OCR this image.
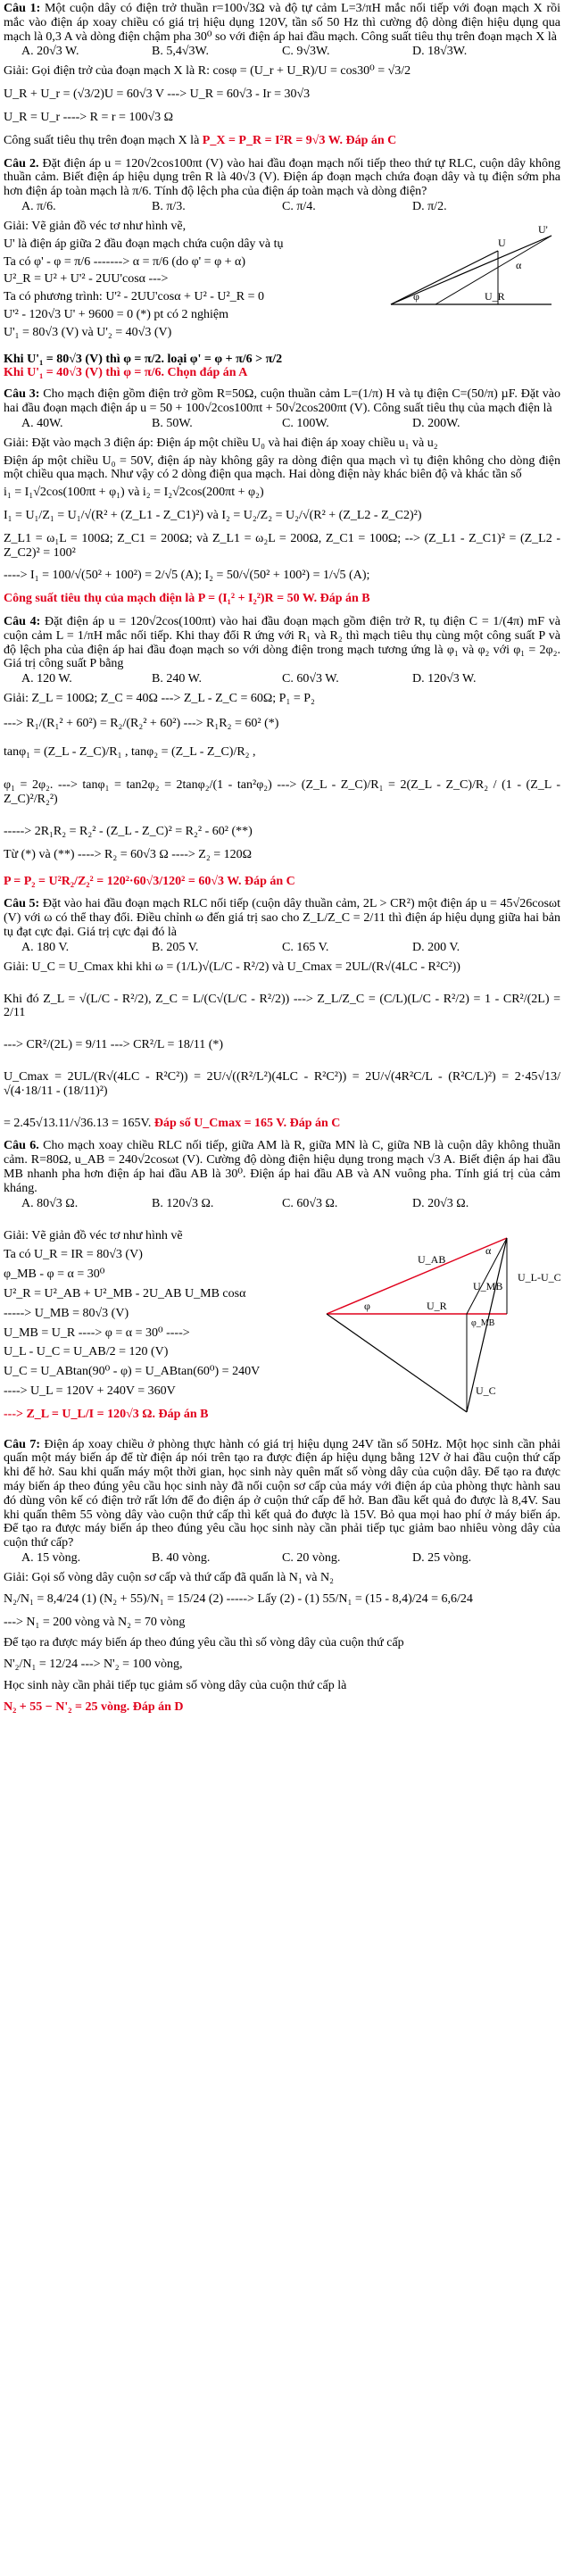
Câu 1: Một cuộn dây có điện trở thuần r=100√3Ω và độ tự cảm L=3/πH mắc nối tiếp với đoạn mạch X rồi mắc vào điện áp xoay chiều có giá trị hiệu dụng 120V, tần số 50 Hz thì cường độ dòng điện hiệu dụng qua mạch là 0,3 A và dòng điện chậm pha 30⁰ so với điện áp hai đầu mạch. Công suất tiêu thụ trên đoạn mạch X là

A. 20√3 W.	B. 5,4√3W.	C. 9√3W.	D. 18√3W.

Giải: Gọi điện trở của đoạn mạch X là R: cosφ = (U_r + U_R)/U = cos30⁰ = √3/2

U_R + U_r = (√3/2)U = 60√3 V ---> U_R = 60√3 - Ir = 30√3

U_R = U_r ----> R = r = 100√3 Ω

Công suất tiêu thụ trên đoạn mạch X là P_X = P_R = I²R = 9√3 W. Đáp án C

Câu 2. Đặt điện áp u = 120√2cos100πt (V) vào hai đầu đoạn mạch nối tiếp theo thứ tự RLC, cuộn dây không thuần cảm. Biết điện áp hiệu dụng trên R là 40√3 (V). Điện áp đoạn mạch chứa đoạn dây và tụ điện sớm pha hơn điện áp toàn mạch là π/6. Tính độ lệch pha của điện áp toàn mạch và dòng điện?

A. π/6.	B. π/3.	C. π/4.	D. π/2.

Giải: Vẽ giản đồ véc tơ như hình vẽ,

U' là điện áp giữa 2 đầu đoạn mạch chứa cuộn dây và tụ

Ta có φ' - φ = π/6 -------> α = π/6 (do φ' = φ + α)

U²_R = U² + U'² - 2UU'cosα --->

Ta có phương trình: U'² - 2UU'cosα + U² - U²_R = 0

U'² - 120√3 U' + 9600 = 0 (*) pt có 2 nghiệm

U'₁ = 80√3 (V) và U'₂ = 40√3 (V)

U
U'
φ	U_R
α

Khi U'₁ = 80√3 (V) thì φ = π/2. loại φ' = φ + π/6 > π/2

Khi U'₁ = 40√3 (V) thì φ = π/6. Chọn đáp án A

Câu 3: Cho mạch điện gồm điện trở gồm R=50Ω, cuộn thuần cảm L=(1/π) H và tụ điện C=(50/π) µF. Đặt vào hai đầu đoạn mạch điện áp u = 50 + 100√2cos100πt + 50√2cos200πt (V). Công suất tiêu thụ của mạch điện là

A. 40W.	B. 50W.	C. 100W.	D. 200W.

Giải: Đặt vào mạch 3 điện áp: Điện áp một chiều U₀ và hai điện áp xoay chiều u₁ và u₂

Điện áp một chiều U₀ = 50V, điện áp này không gây ra dòng điện qua mạch vì tụ điện không cho dòng điện một chiều qua mạch. Như vậy có 2 dòng điện qua mạch. Hai dòng điện này khác biên độ và khác tần số

i₁ = I₁√2cos(100πt + φ₁) và i₂ = I₂√2cos(200πt + φ₂)

I₁ = U₁/Z₁ = U₁/√(R² + (Z_L1 - Z_C1)²) và I₂ = U₂/Z₂ = U₂/√(R² + (Z_L2 - Z_C2)²)

Z_L1 = ω₁L = 100Ω; Z_C1 = 200Ω; và Z_L1 = ω₂L = 200Ω, Z_C1 = 100Ω; --> (Z_L1 - Z_C1)² = (Z_L2 - Z_C2)² = 100²

----> I₁ = 100/√(50² + 100²) = 2/√5 (A); I₂ = 50/√(50² + 100²) = 1/√5 (A);

Công suất tiêu thụ của mạch điện là P = (I₁² + I₂²)R = 50 W. Đáp án B

Câu 4: Đặt điện áp u = 120√2cos(100πt) vào hai đầu đoạn mạch gồm điện trở R, tụ điện C = 1/(4π) mF và cuộn cảm L = 1/πH mắc nối tiếp. Khi thay đổi R ứng với R₁ và R₂ thì mạch tiêu thụ cùng một công suất P và độ lệch pha của điện áp hai đầu đoạn mạch so với dòng điện trong mạch tương ứng là φ₁ và φ₂ với φ₁ = 2φ₂. Giá trị công suất P bằng

A. 120 W.	B. 240 W.	C. 60√3 W.	D. 120√3 W.

Giải: Z_L = 100Ω; Z_C = 40Ω ---> Z_L - Z_C = 60Ω; P₁ = P₂

---> R₁/(R₁² + 60²) = R₂/(R₂² + 60²) ---> R₁R₂ = 60² (*)

tanφ₁ = (Z_L - Z_C)/R₁ , tanφ₂ = (Z_L - Z_C)/R₂ ,

φ₁ = 2φ₂. ---> tanφ₁ = tan2φ₂ = 2tanφ₂/(1 - tan²φ₂) ---> (Z_L - Z_C)/R₁ = 2(Z_L - Z_C)/R₂ / (1 - (Z_L - Z_C)²/R₂²)

-----> 2R₁R₂ = R₂² - (Z_L - Z_C)² = R₂² - 60² (**)

Từ (*) và (**) ----> R₂ = 60√3 Ω ----> Z₂ = 120Ω

P = P₂ = U²R₂/Z₂² = 120²·60√3/120² = 60√3 W. Đáp án C

Câu 5: Đặt vào hai đầu đoạn mạch RLC nối tiếp (cuộn dây thuần cảm, 2L > CR²) một điện áp u = 45√26cosωt (V) với ω có thể thay đổi. Điều chỉnh ω đến giá trị sao cho Z_L/Z_C = 2/11 thì điện áp hiệu dụng giữa hai bản tụ đạt cực đại. Giá trị cực đại đó là

A. 180 V.	B. 205 V.	C. 165 V.	D. 200 V.

Giải: U_C = U_Cmax khi khi ω = (1/L)√(L/C - R²/2) và U_Cmax = 2UL/(R√(4LC - R²C²))

Khi đó Z_L = √(L/C - R²/2), Z_C = L/(C√(L/C - R²/2)) ---> Z_L/Z_C = (C/L)(L/C - R²/2) = 1 - CR²/(2L) = 2/11

---> CR²/(2L) = 9/11 ---> CR²/L = 18/11 (*)

U_Cmax = 2UL/(R√(4LC - R²C²)) = 2U/√((R²/L²)(4LC - R²C²)) = 2U/√(4R²C/L - (R²C/L)²) = 2·45√13/√(4·18/11 - (18/11)²)

= 2.45√13.11/√36.13 = 165V. Đáp số U_Cmax = 165 V. Đáp án C

Câu 6. Cho mạch xoay chiều RLC nối tiếp, giữa AM là R, giữa MN là C, giữa NB là cuộn dây không thuần cảm. R=80Ω, u_AB = 240√2cosωt (V). Cường độ dòng điện hiệu dụng trong mạch √3 A. Biết điện áp hai đầu MB nhanh pha hơn điện áp hai đầu AB là 30⁰. Điện áp hai đầu AB và AN vuông pha. Tính giá trị của cảm kháng.

A. 80√3 Ω.	B. 120√3 Ω.	C. 60√3 Ω.	D. 20√3 Ω.

Giải: Vẽ giản đồ véc tơ như hình vẽ

Ta có U_R = IR = 80√3 (V)

φ_MB - φ = α = 30⁰

U²_R = U²_AB + U²_MB - 2U_AB U_MB cosα

-----> U_MB = 80√3 (V)

U_MB = U_R ----> φ = α = 30⁰ ---->

U_L - U_C = U_AB/2 = 120 (V)

U_C = U_ABtan(90⁰ - φ) = U_ABtan(60⁰) = 240V

----> U_L = 120V + 240V = 360V

---> Z_L = U_L/I = 120√3 Ω. Đáp án B

U_AB
U_MB
U_L-U_C
U_R
φ
α
φ_MB
U_C

Câu 7: Điện áp xoay chiều ở phòng thực hành có giá trị hiệu dụng 24V tần số 50Hz. Một học sinh cần phải quấn một máy biến áp để từ điện áp nói trên tạo ra được điện áp hiệu dụng bằng 12V ở hai đầu cuộn thứ cấp khi để hở. Sau khi quấn máy một thời gian, học sinh này quên mất số vòng dây của cuộn dây. Để tạo ra được máy biến áp theo đúng yêu cầu học sinh này đã nối cuộn sơ cấp của máy với điện áp của phòng thực hành sau đó dùng vôn kế có điện trở rất lớn để đo điện áp ở cuộn thứ cấp để hở. Ban đầu kết quả đo được là 8,4V. Sau khi quấn thêm 55 vòng dây vào cuộn thứ cấp thì kết quả đo được là 15V. Bỏ qua mọi hao phí ở máy biến áp. Để tạo ra được máy biến áp theo đúng yêu cầu học sinh này cần phải tiếp tục giảm bao nhiêu vòng dây của cuộn thứ cấp?

A. 15 vòng.	B. 40 vòng.	C. 20 vòng.	D. 25 vòng.

Giải: Gọi số vòng dây cuộn sơ cấp và thứ cấp đã quấn là N₁ và N₂

N₂/N₁ = 8,4/24 (1) (N₂ + 55)/N₁ = 15/24 (2) -----> Lấy (2) - (1) 55/N₁ = (15 - 8,4)/24 = 6,6/24

---> N₁ = 200 vòng và N₂ = 70 vòng

Để tạo ra được máy biến áp theo đúng yêu cầu thì số vòng dây của cuộn thứ cấp

N'₂/N₁ = 12/24 ---> N'₂ = 100 vòng,

Học sinh này cần phải tiếp tục giảm số vòng dây của cuộn thứ cấp là

N₂ + 55 − N'₂ = 25 vòng. Đáp án D
